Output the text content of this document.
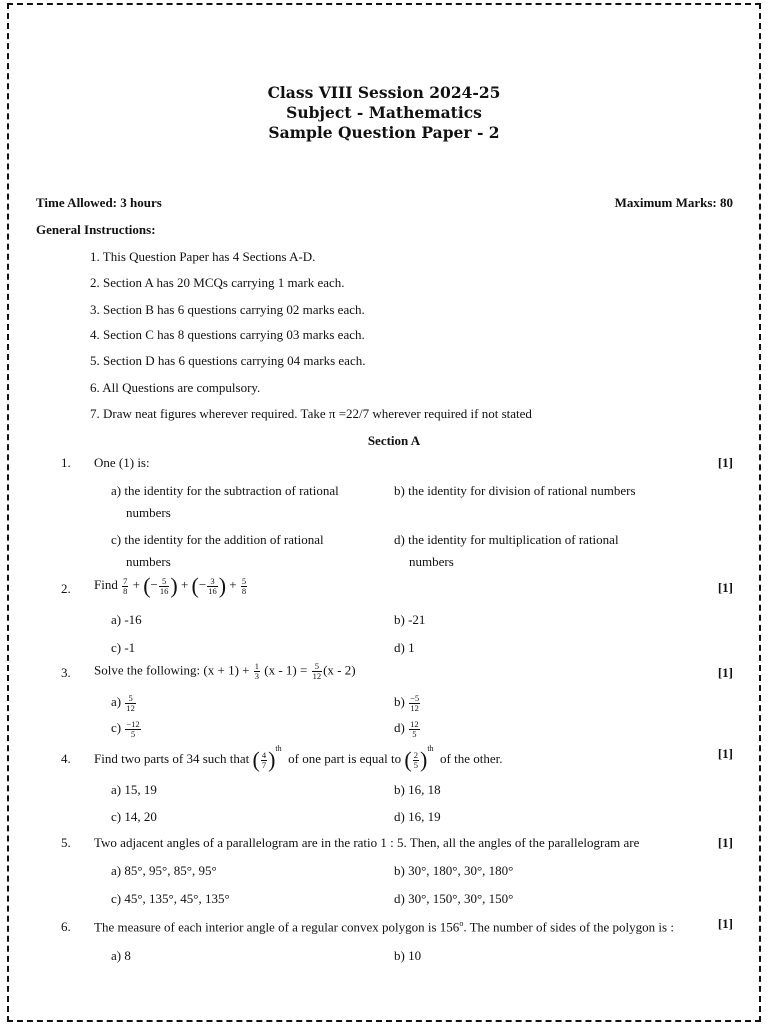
Class VIII Session 2024-25
Subject - Mathematics
Sample Question Paper - 2
Time Allowed: 3 hours	Maximum Marks: 80
General Instructions:
1. This Question Paper has 4 Sections A-D.
2. Section A has 20 MCQs carrying 1 mark each.
3. Section B has 6 questions carrying 02 marks each.
4. Section C has 8 questions carrying 03 marks each.
5. Section D has 6 questions carrying 04 marks each.
6. All Questions are compulsory.
7. Draw neat figures wherever required. Take π =22/7 wherever required if not stated
Section A
1. One (1) is:	[1]
a) the identity for the subtraction of rational numbers
b) the identity for division of rational numbers
c) the identity for the addition of rational numbers
d) the identity for multiplication of rational numbers
2. Find $\frac{7}{8}$ + (− $\frac{5}{16}$ ) + (− $\frac{3}{16}$ ) + $\frac{5}{8}$	[1]
a) -16	b) -21
c) -1	d) 1
3. Solve the following: $(x + 1) + \frac{1}{3} (x - 1) = \frac{5}{12} (x - 2)$	[1]
$a) \frac{5}{12}$	$b) \frac{-5}{12}$
$c) \frac{-12}{5}$	$d) \frac{12}{5}$
4. Find two parts of 34 such that ( $\frac{4}{7} )^{th}$  of one part is equal to ( $\frac{2}{5} )^{th}$  of the other.	[1]
a) 15, 19	b) 16, 18
c) 14, 20	d) 16, 19
5. Two adjacent angles of a parallelogram are in the ratio 1 : 5. Then, all the angles of the parallelogram are	[1]
a) 85°, 95°, 85°, 95°	b) 30°, 180°, 30°, 180°
c) 45°, 135°, 45°, 135°	d) 30°, 150°, 30°, 150°
6. The measure of each interior angle of a regular convex polygon is 156$^o$. The number of sides of the polygon is :	[1]
a) 8	b) 10
